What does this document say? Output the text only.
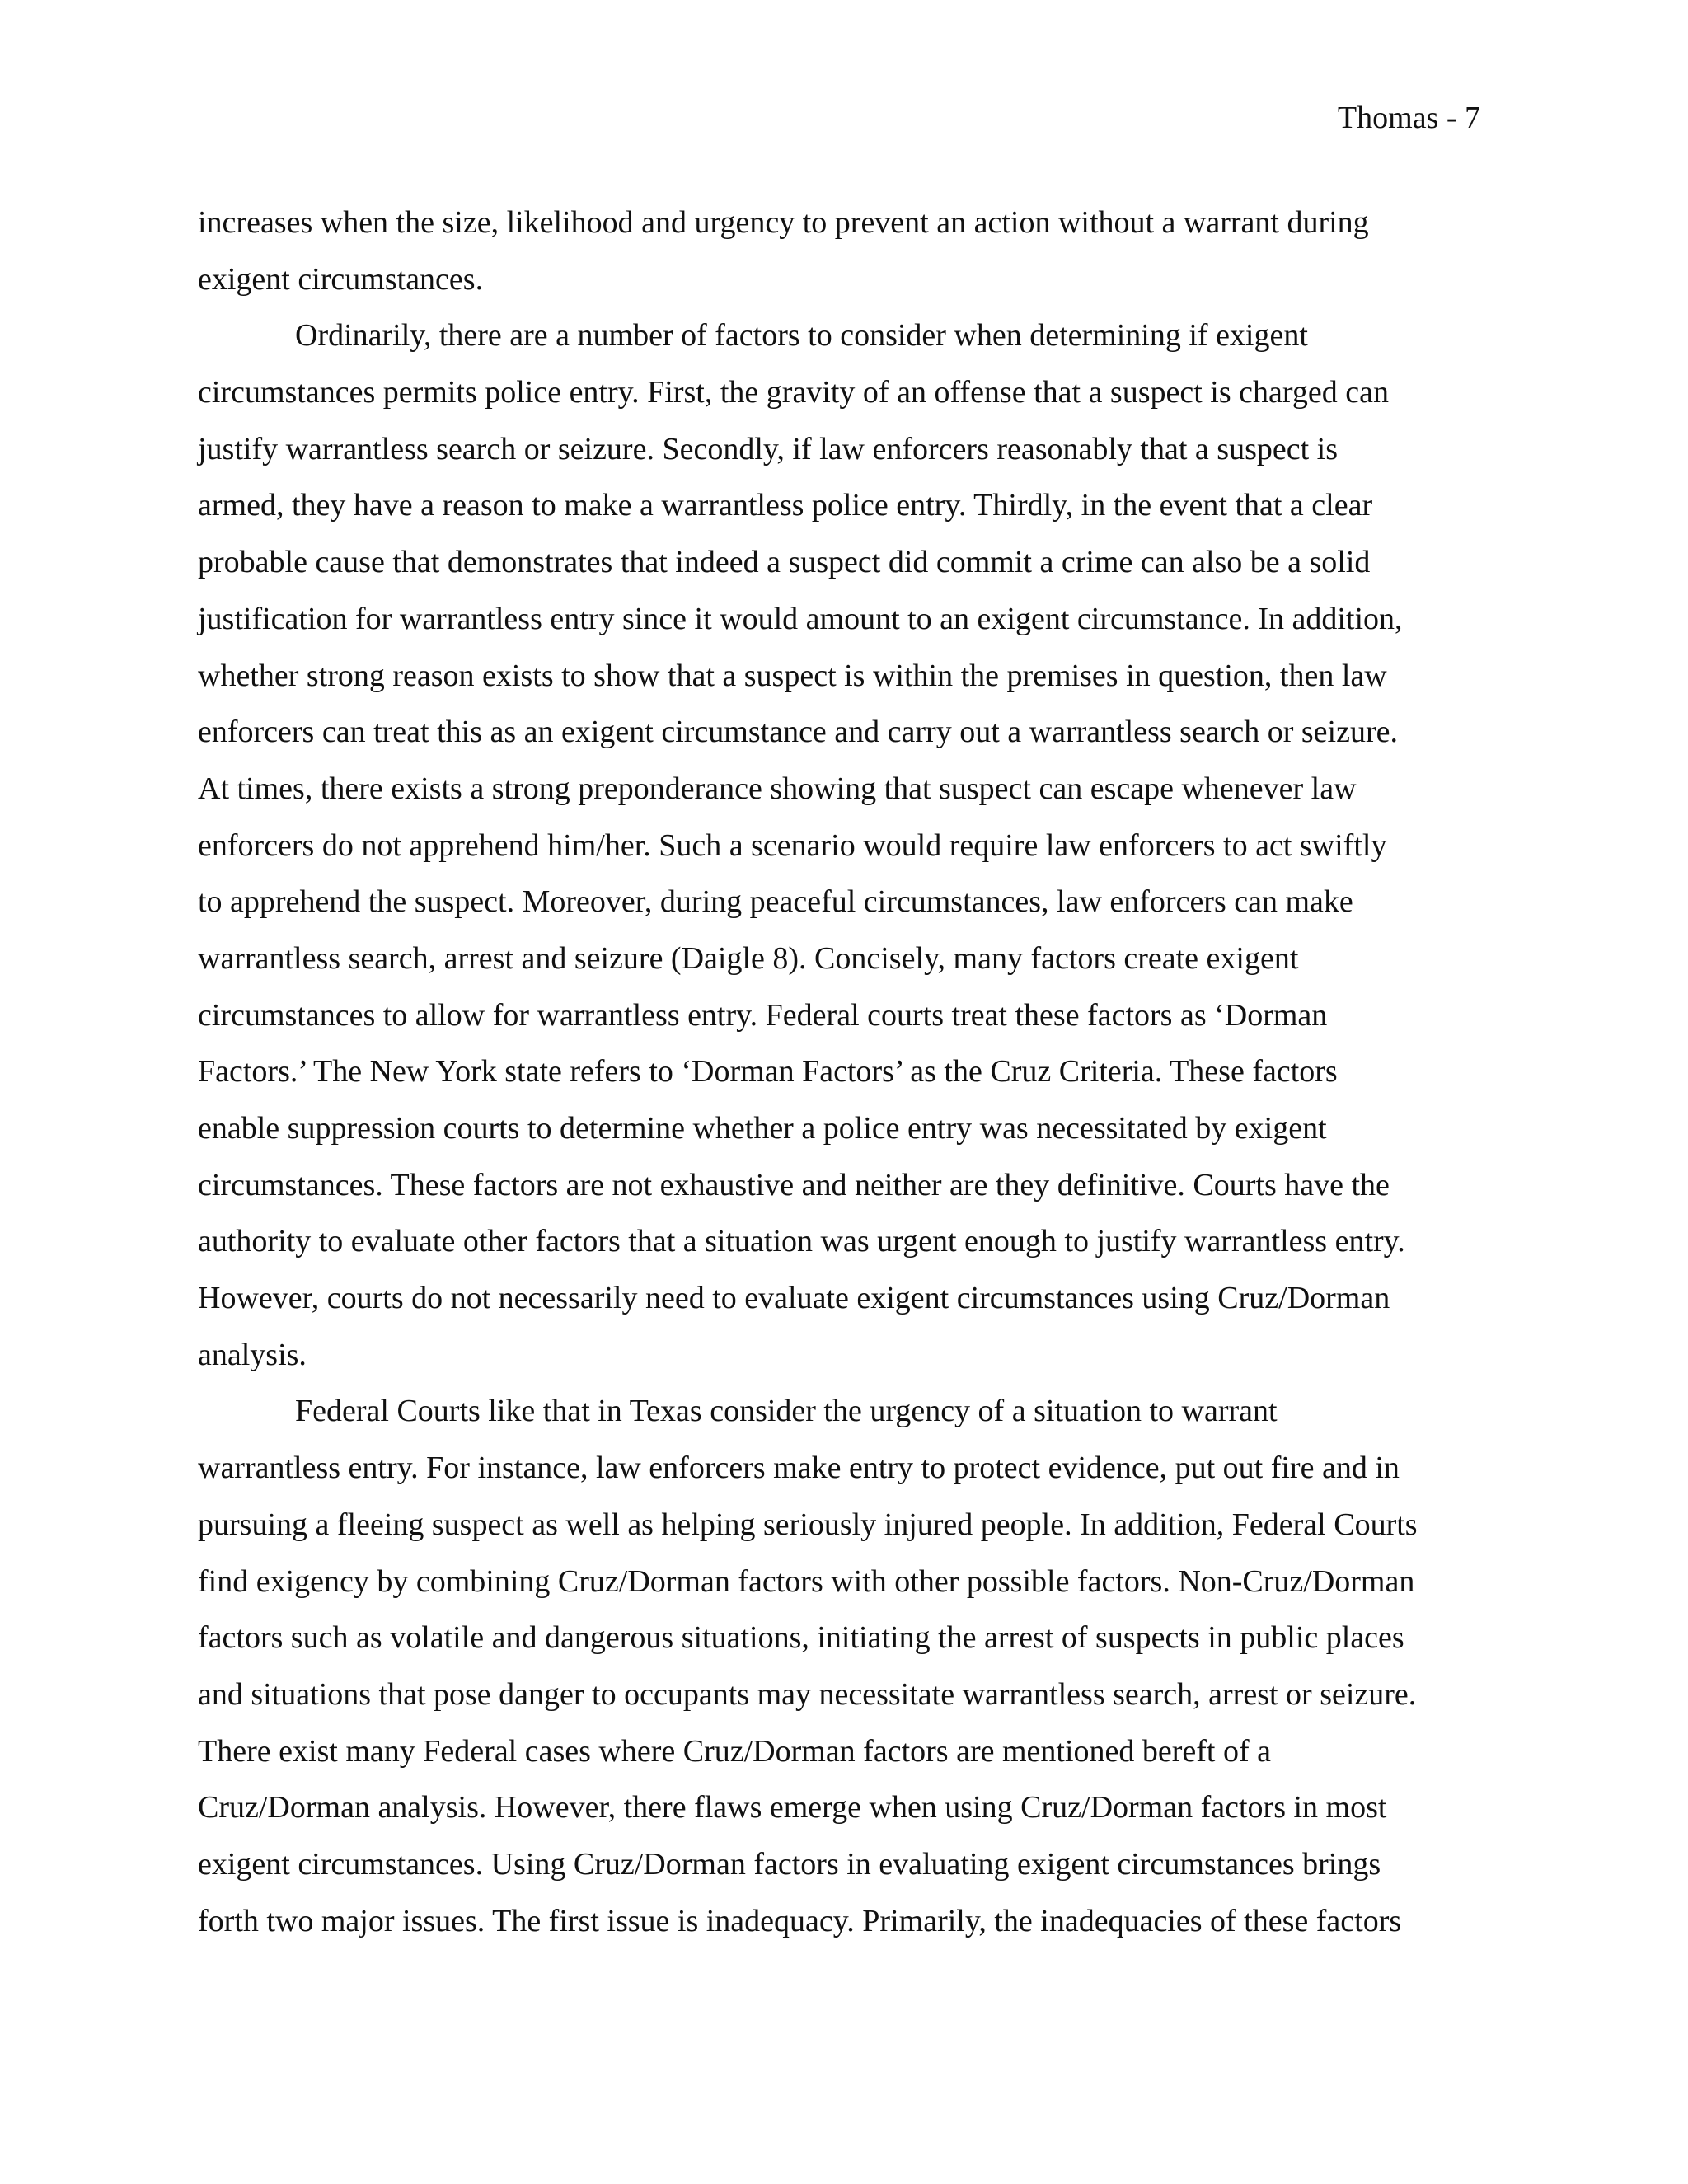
Thomas - 7
increases when the size, likelihood and urgency to prevent an action without a warrant during
exigent circumstances.
Ordinarily, there are a number of factors to consider when determining if exigent
circumstances permits police entry. First, the gravity of an offense that a suspect is charged can
justify warrantless search or seizure. Secondly, if law enforcers reasonably that a suspect is
armed, they have a reason to make a warrantless police entry. Thirdly, in the event that a clear
probable cause that demonstrates that indeed a suspect did commit a crime can also be a solid
justification for warrantless entry since it would amount to an exigent circumstance. In addition,
whether strong reason exists to show that a suspect is within the premises in question, then law
enforcers can treat this as an exigent circumstance and carry out a warrantless search or seizure.
At times, there exists a strong preponderance showing that suspect can escape whenever law
enforcers do not apprehend him/her. Such a scenario would require law enforcers to act swiftly
to apprehend the suspect. Moreover, during peaceful circumstances, law enforcers can make
warrantless search, arrest and seizure (Daigle 8). Concisely, many factors create exigent
circumstances to allow for warrantless entry. Federal courts treat these factors as ‘Dorman
Factors.’ The New York state refers to ‘Dorman Factors’ as the Cruz Criteria. These factors
enable suppression courts to determine whether a police entry was necessitated by exigent
circumstances. These factors are not exhaustive and neither are they definitive. Courts have the
authority to evaluate other factors that a situation was urgent enough to justify warrantless entry.
However, courts do not necessarily need to evaluate exigent circumstances using Cruz/Dorman
analysis.
Federal Courts like that in Texas consider the urgency of a situation to warrant
warrantless entry. For instance, law enforcers make entry to protect evidence, put out fire and in
pursuing a fleeing suspect as well as helping seriously injured people. In addition, Federal Courts
find exigency by combining Cruz/Dorman factors with other possible factors. Non-Cruz/Dorman
factors such as volatile and dangerous situations, initiating the arrest of suspects in public places
and situations that pose danger to occupants may necessitate warrantless search, arrest or seizure.
There exist many Federal cases where Cruz/Dorman factors are mentioned bereft of a
Cruz/Dorman analysis. However, there flaws emerge when using Cruz/Dorman factors in most
exigent circumstances. Using Cruz/Dorman factors in evaluating exigent circumstances brings
forth two major issues. The first issue is inadequacy. Primarily, the inadequacies of these factors
